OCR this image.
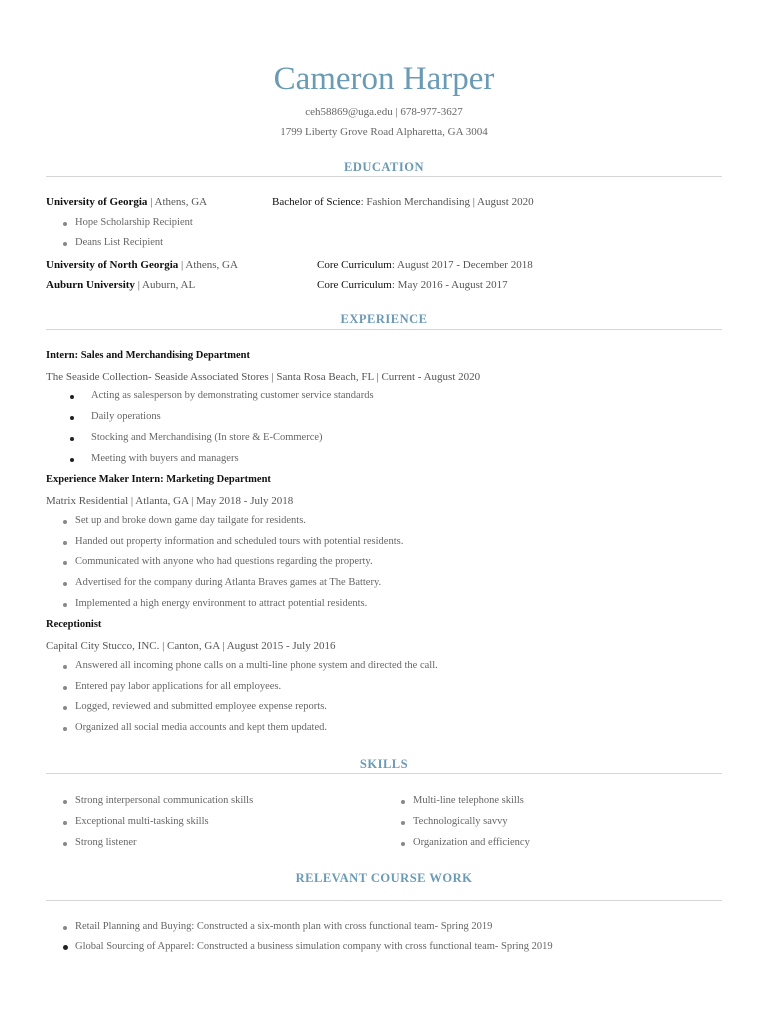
Cameron Harper
ceh58869@uga.edu | 678-977-3627
1799 Liberty Grove Road Alpharetta, GA 3004
EDUCATION
University of Georgia | Athens, GA	Bachelor of Science: Fashion Merchandising | August 2020
Hope Scholarship Recipient
Deans List Recipient
University of North Georgia | Athens, GA	Core Curriculum: August 2017 - December 2018
Auburn University | Auburn, AL	Core Curriculum: May 2016 - August 2017
EXPERIENCE
Intern: Sales and Merchandising Department
The Seaside Collection- Seaside Associated Stores | Santa Rosa Beach, FL | Current - August 2020
Acting as salesperson by demonstrating customer service standards
Daily operations
Stocking and Merchandising (In store & E-Commerce)
Meeting with buyers and managers
Experience Maker Intern: Marketing Department
Matrix Residential | Atlanta, GA | May 2018 - July 2018
Set up and broke down game day tailgate for residents.
Handed out property information and scheduled tours with potential residents.
Communicated with anyone who had questions regarding the property.
Advertised for the company during Atlanta Braves games at The Battery.
Implemented a high energy environment to attract potential residents.
Receptionist
Capital City Stucco, INC. | Canton, GA | August 2015 - July 2016
Answered all incoming phone calls on a multi-line phone system and directed the call.
Entered pay labor applications for all employees.
Logged, reviewed and submitted employee expense reports.
Organized all social media accounts and kept them updated.
SKILLS
Strong interpersonal communication skills
Exceptional multi-tasking skills
Strong listener
Multi-line telephone skills
Technologically savvy
Organization and efficiency
RELEVANT COURSE WORK
Retail Planning and Buying: Constructed a six-month plan with cross functional team- Spring 2019
Global Sourcing of Apparel: Constructed a business simulation company with cross functional team- Spring 2019
